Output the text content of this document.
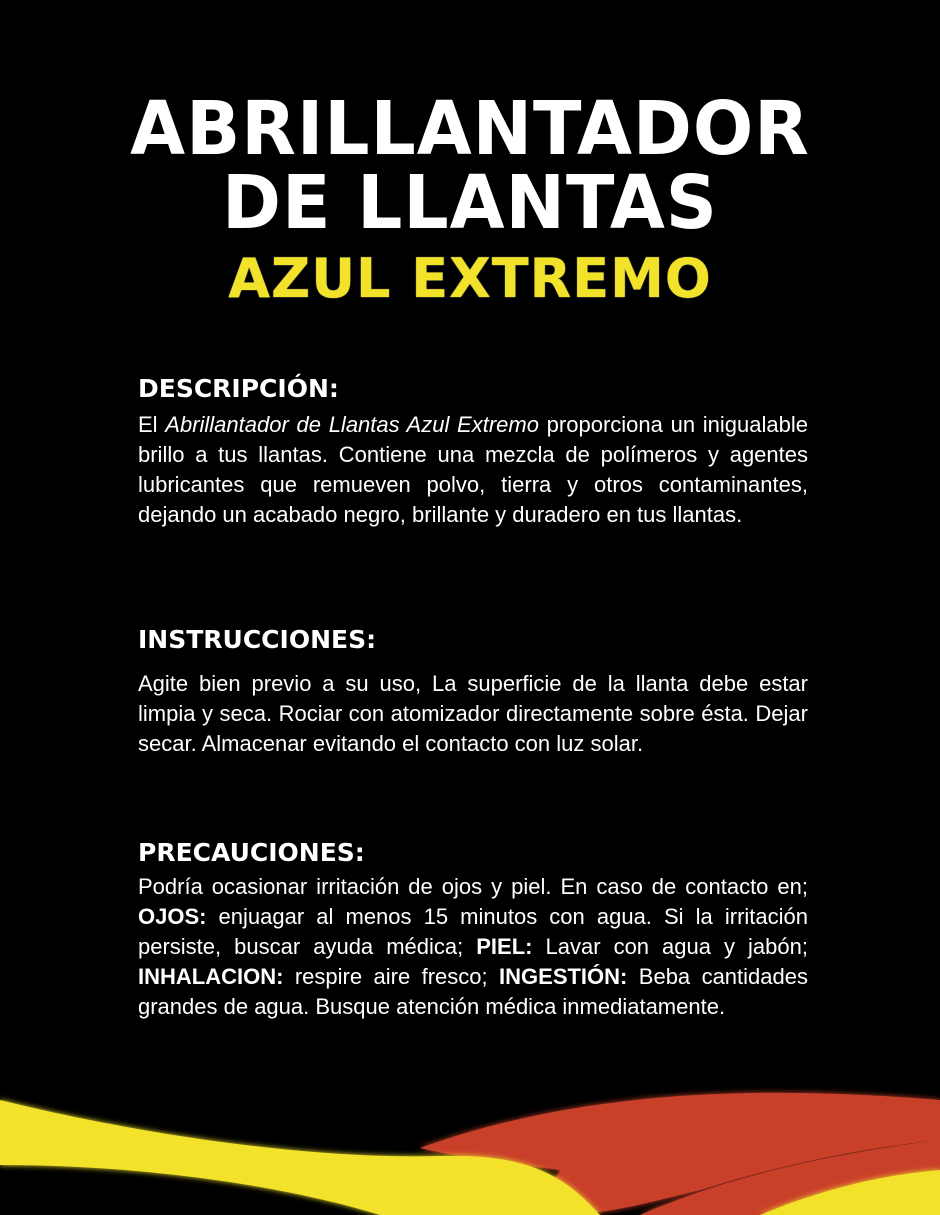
ABRILLANTADOR
DE LLANTAS
AZUL EXTREMO
DESCRIPCIÓN:

El Abrillantador de Llantas Azul Extremo proporciona un inigualable brillo a tus llantas. Contiene una mezcla de polímeros y agentes lubricantes que remueven polvo, tierra y otros contaminantes, dejando un acabado negro, brillante y duradero en tus llantas.

INSTRUCCIONES:

Agite bien previo a su uso, La superficie de la llanta debe estar limpia y seca. Rociar con atomizador directamente sobre ésta. Dejar secar. Almacenar evitando el contacto con luz solar.

PRECAUCIONES:

Podría ocasionar irritación de ojos y piel. En caso de contacto en; OJOS: enjuagar al menos 15 minutos con agua. Si la irritación persiste, buscar ayuda médica; PIEL: Lavar con agua y jabón; INHALACION: respire aire fresco; INGESTIÓN: Beba cantidades grandes de agua. Busque atención médica inmediatamente.
